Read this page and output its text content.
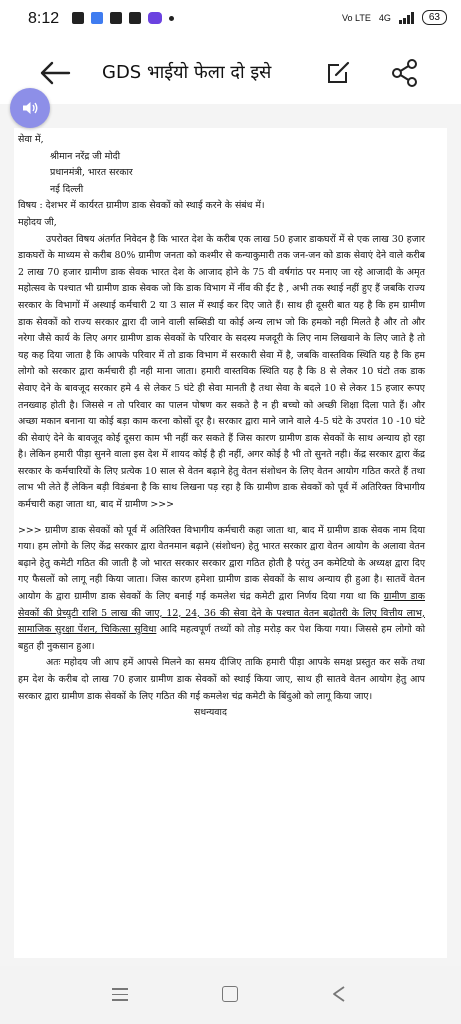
8:12	Vo LTE 4G	63
GDS भाईयो फेला दो इसे

सेवा में,

श्रीमान नरेंद्र जी मोदी

प्रधानमंत्री, भारत सरकार

नई दिल्ली

विषय : देशभर में कार्यरत ग्रामीण डाक सेवकों को स्थाई करने के संबंध में।

महोदय जी,

उपरोक्त विषय अंतर्गत निवेदन है कि भारत देश के करीब एक लाख 50 हजार डाकघरों में से एक लाख 30 हजार डाकघरों के माध्यम से करीब 80% ग्रामीण जनता को कश्मीर से कन्याकुमारी तक जन-जन को डाक सेवाएं देने वाले करीब 2 लाख 70 हजार ग्रामीण डाक सेवक भारत देश के आजाद होने के 75 वी वर्षगांठ पर मनाए जा रहे आजादी के अमृत महोत्सव के पश्चात भी ग्रामीण डाक सेवक जो कि डाक विभाग में नींव की ईंट है , अभी तक स्थाई नहीं हुए हैं जबकि राज्य सरकार के विभागों में अस्थाई कर्मचारी 2 या 3 साल में स्थाई कर दिए जाते हैं। साथ ही दूसरी बात यह है कि हम ग्रामीण डाक सेवकों को राज्य सरकार द्वारा दी जाने वाली सब्सिडी या कोई अन्य लाभ जो कि हमको नही मिलते है और तो और नरेगा जैसे कार्य के लिए अगर ग्रामीण डाक सेवकों के परिवार के सदस्य मजदूरी के लिए नाम लिखवाने के लिए जाते है तो यह कह दिया जाता है कि आपके परिवार में तो डाक विभाग में सरकारी सेवा में है, जबकि वास्तविक स्थिति यह है कि हम लोगो को सरकार द्वारा कर्मचारी ही नही माना जाता। हमारी वास्तविक स्थिति यह है कि 8 से लेकर 10 घंटो तक डाक सेवाए देने के बावजूद सरकार हमे 4 से लेकर 5 घंटे ही सेवा मानती है तथा सेवा के बदले 10 से लेकर 15 हजार रूपए तनख्वाह होती है। जिससे न तो परिवार का पालन पोषण कर सकते है न ही बच्चो को अच्छी शिक्षा दिला पाते हैं। और अच्छा मकान बनाना या कोई बड़ा काम करना कोसों दूर है। सरकार द्वारा माने जाने वाले 4-5 घंटे के उपरांत 10 -10 घंटे की सेवाएं देने के बावजूद कोई दूसरा काम भी नहीं कर सकते हैं जिस कारण ग्रामीण डाक सेवकों के साथ अन्याय हो रहा है। लेकिन हमारी पीड़ा सुनने वाला इस देश में शायद कोई है ही नहीं, अगर कोई है भी तो सुनते नही। केंद्र सरकार द्वारा केंद्र सरकार के कर्मचारियों के लिए प्रत्येक 10 साल से वेतन बढ़ाने हेतु वेतन संशोधन के लिए वेतन आयोग गठित करते हैं तथा लाभ भी लेते हैं लेकिन बड़ी विडंबना है कि साथ लिखना पड़ रहा है कि ग्रामीण डाक सेवकों को पूर्व में अतिरिक्त विभागीय कर्मचारी कहा जाता था, बाद में ग्रामीण >>>

>>> ग्रामीण डाक सेवकों को पूर्व में अतिरिक्त विभागीय कर्मचारी कहा जाता था, बाद में ग्रामीण डाक सेवक नाम दिया गया। हम लोगो के लिए केंद्र सरकार द्वारा वेतनमान बढ़ाने (संशोधन) हेतु भारत सरकार द्वारा वेतन आयोग के अलावा वेतन बढ़ाने हेतु कमेटी गठित की जाती है जो भारत सरकार सरकार द्वारा गठित होती है परंतु उन कमेटियो के अध्यक्ष द्वारा दिए गए फैसलों को लागू नही किया जाता। जिस कारण हमेशा ग्रामीण डाक सेवकों के साथ अन्याय ही हुआ है। सातवें वेतन आयोग के द्वारा ग्रामीण डाक सेवकों के लिए बनाई गई कमलेश चंद्र कमेटी द्वारा निर्णय दिया गया था कि ग्रामीण डाक सेवकों की प्रेच्युटी राशि 5 लाख की जाए, 12, 24, 36 की सेवा देने के पश्चात वेतन बढ़ोतरी के लिए वित्तीय लाभ, सामाजिक सुरक्षा पेंशन, चिकित्सा सुविधा आदि महत्वपूर्ण तथ्यों को तोड़ मरोड़ कर पेश किया गया। जिससे हम लोगो को बहुत ही नुकसान हुआ।

अतः महोदय जी आप हमें आपसे मिलने का समय दीजिए ताकि हमारी पीड़ा आपके समक्ष प्रस्तुत कर सकें तथा हम देश के करीब दो लाख 70 हजार ग्रामीण डाक सेवकों को स्थाई किया जाए, साथ ही सातवे वेतन आयोग हेतु आप सरकार द्वारा ग्रामीण डाक सेवकों के लिए गठित की गई कमलेश चंद्र कमेटी के बिंदुओ को लागू किया जाए।

सधन्यवाद
